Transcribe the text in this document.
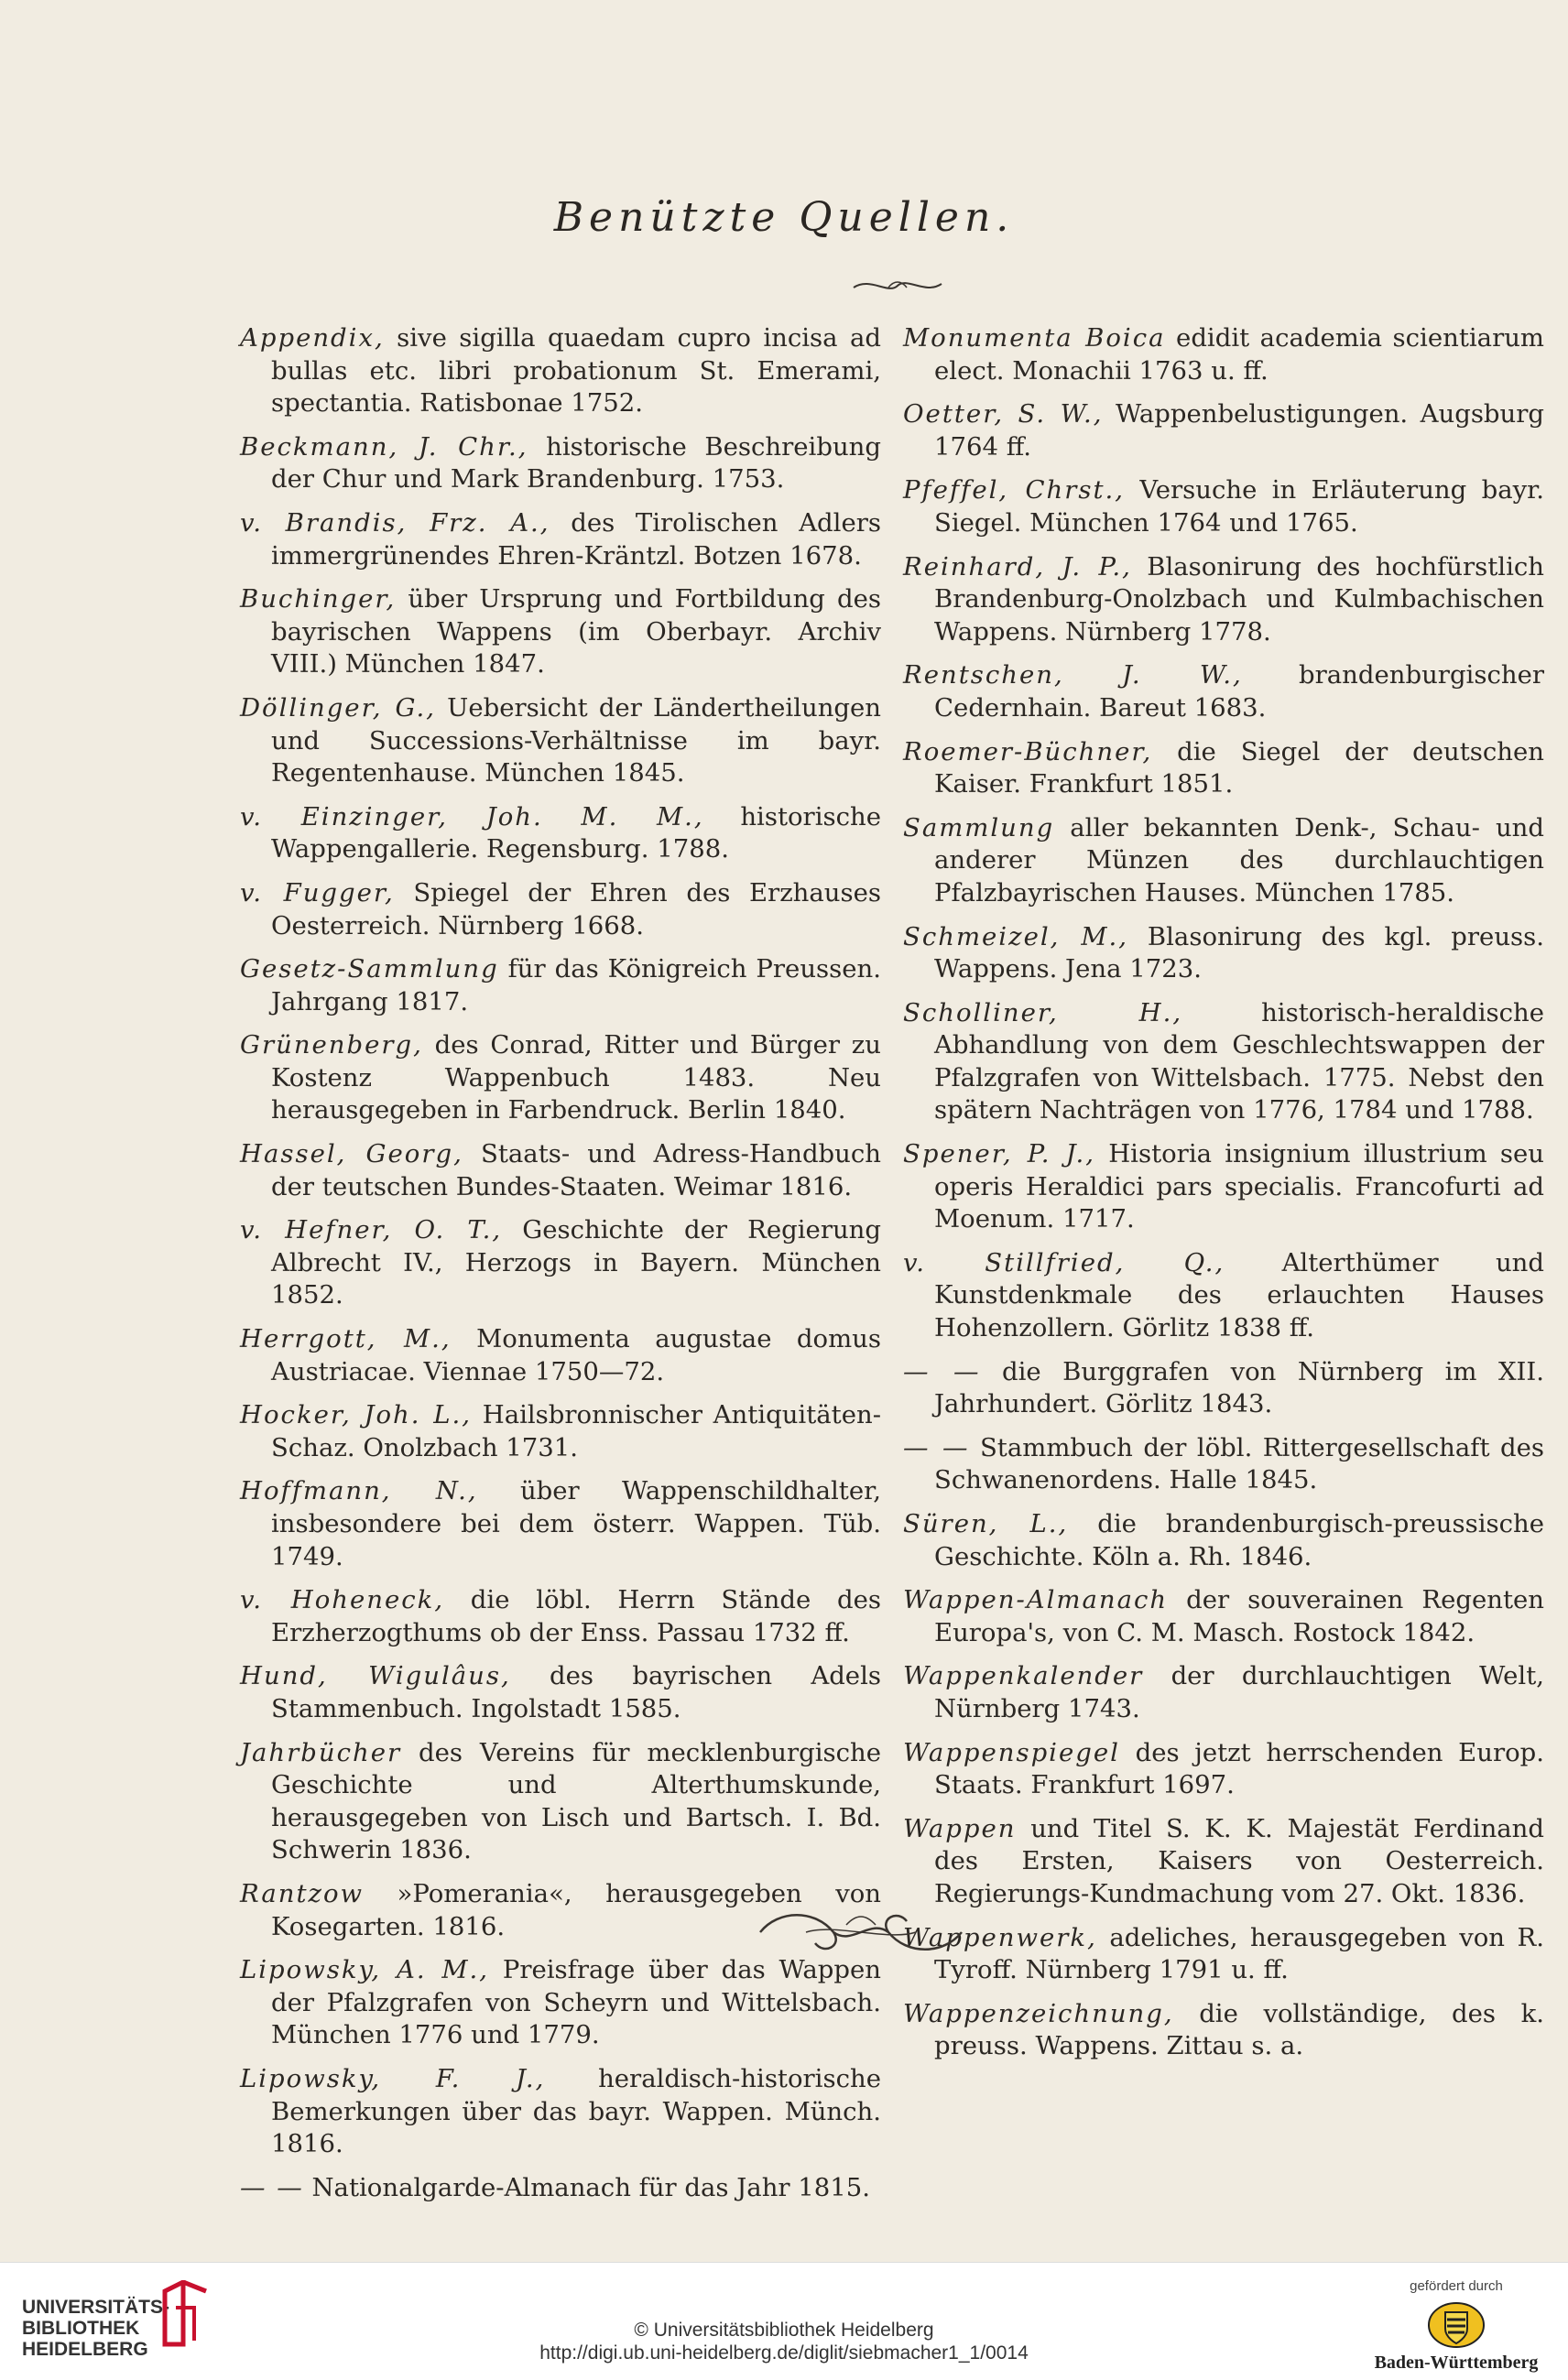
Benützte Quellen.
Appendix, sive sigilla quaedam cupro incisa ad bullas etc. libri probationum St. Emerami, spectantia. Ratisbonae 1752.
Beckmann, J. Chr., historische Beschreibung der Chur und Mark Brandenburg. 1753.
v. Brandis, Frz. A., des Tirolischen Adlers immergrünendes Ehren-Kräntzl. Botzen 1678.
Buchinger, über Ursprung und Fortbildung des bayrischen Wappens (im Oberbayr. Archiv VIII.) München 1847.
Döllinger, G., Uebersicht der Ländertheilungen und Successions-Verhältnisse im bayr. Regentenhause. München 1845.
v. Einzinger, Joh. M. M., historische Wappengallerie. Regensburg. 1788.
v. Fugger, Spiegel der Ehren des Erzhauses Oesterreich. Nürnberg 1668.
Gesetz-Sammlung für das Königreich Preussen. Jahrgang 1817.
Grünenberg, des Conrad, Ritter und Bürger zu Kostenz Wappenbuch 1483. Neu herausgegeben in Farbendruck. Berlin 1840.
Hassel, Georg, Staats- und Adress-Handbuch der teutschen Bundes-Staaten. Weimar 1816.
v. Hefner, O. T., Geschichte der Regierung Albrecht IV., Herzogs in Bayern. München 1852.
Herrgott, M., Monumenta augustae domus Austriacae. Viennae 1750—72.
Hocker, Joh. L., Hailsbronnischer Antiquitäten-Schaz. Onolzbach 1731.
Hoffmann, N., über Wappenschildhalter, insbesondere bei dem österr. Wappen. Tüb. 1749.
v. Hoheneck, die löbl. Herrn Stände des Erzherzogthums ob der Enss. Passau 1732 ff.
Hund, Wigulâus, des bayrischen Adels Stammenbuch. Ingolstadt 1585.
Jahrbücher des Vereins für mecklenburgische Geschichte und Alterthumskunde, herausgegeben von Lisch und Bartsch. I. Bd. Schwerin 1836.
Rantzow »Pomerania«, herausgegeben von Kosegarten. 1816.
Lipowsky, A. M., Preisfrage über das Wappen der Pfalzgrafen von Scheyrn und Wittelsbach. München 1776 und 1779.
Lipowsky, F. J., heraldisch-historische Bemerkungen über das bayr. Wappen. Münch. 1816.
— — Nationalgarde-Almanach für das Jahr 1815.
Monumenta Boica edidit academia scientiarum elect. Monachii 1763 u. ff.
Oetter, S. W., Wappenbelustigungen. Augsburg 1764 ff.
Pfeffel, Chrst., Versuche in Erläuterung bayr. Siegel. München 1764 und 1765.
Reinhard, J. P., Blasonirung des hochfürstlich Brandenburg-Onolzbach und Kulmbachischen Wappens. Nürnberg 1778.
Rentschen, J. W., brandenburgischer Cedernhain. Bareut 1683.
Roemer-Büchner, die Siegel der deutschen Kaiser. Frankfurt 1851.
Sammlung aller bekannten Denk-, Schau- und anderer Münzen des durchlauchtigen Pfalzbayrischen Hauses. München 1785.
Schmeizel, M., Blasonirung des kgl. preuss. Wappens. Jena 1723.
Scholliner, H., historisch-heraldische Abhandlung von dem Geschlechtswappen der Pfalzgrafen von Wittelsbach. 1775. Nebst den spätern Nachträgen von 1776, 1784 und 1788.
Spener, P. J., Historia insignium illustrium seu operis Heraldici pars specialis. Francofurti ad Moenum. 1717.
v. Stillfried, Q., Alterthümer und Kunstdenkmale des erlauchten Hauses Hohenzollern. Görlitz 1838 ff.
— — die Burggrafen von Nürnberg im XII. Jahrhundert. Görlitz 1843.
— — Stammbuch der löbl. Rittergesellschaft des Schwanenordens. Halle 1845.
Süren, L., die brandenburgisch-preussische Geschichte. Köln a. Rh. 1846.
Wappen-Almanach der souverainen Regenten Europa's, von C. M. Masch. Rostock 1842.
Wappenkalender der durchlauchtigen Welt, Nürnberg 1743.
Wappenspiegel des jetzt herrschenden Europ. Staats. Frankfurt 1697.
Wappen und Titel S. K. K. Majestät Ferdinand des Ersten, Kaisers von Oesterreich. Regierungs-Kundmachung vom 27. Okt. 1836.
Wappenwerk, adeliches, herausgegeben von R. Tyroff. Nürnberg 1791 u. ff.
Wappenzeichnung, die vollständige, des k. preuss. Wappens. Zittau s. a.
UNIVERSITÄTS-
BIBLIOTHEK
HEIDELBERG
© Universitätsbibliothek Heidelberg
http://digi.ub.uni-heidelberg.de/diglit/siebmacher1_1/0014
gefördert durch
Baden-Württemberg
